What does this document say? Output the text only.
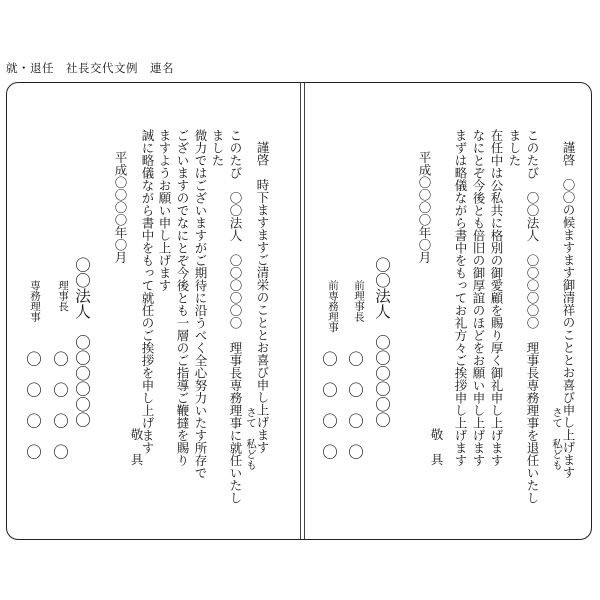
就・退任　社長交代文例　連名
謹啓　〇〇の候ますます御清祥のこととお喜び申し上げます
さて　私ども
このたび　〇〇法人　〇〇〇〇〇〇　理事長専務理事を退任いたし
ました
在任中は公私共に格別の御愛顧を賜り厚く御礼申し上げます
なにとぞ今後とも倍旧の御厚誼のほどをお願い申し上げます
まずは略儀ながら書中をもってお礼方々ご挨拶申し上げます
敬　具
平成〇〇〇〇年〇月
〇〇法人　〇〇〇〇〇〇
前理事長
前専務理事
〇　〇　〇　〇
〇　〇　〇　〇
謹啓　時下ますますご清栄のこととお喜び申し上げます
さて　私ども
このたび　〇〇法人　〇〇〇〇〇〇　理事長専務理事に就任いたし
ました
微力ではございますがご期待に沿うべく全心努力いたす所存で
ございますのでなにとぞ今後とも一層のご指導ご鞭撻を賜り
ますようお願い申し上げます
誠に略儀ながら書中をもって就任のご挨拶を申し上げます
敬　具
平成〇〇〇〇年〇月
〇〇法人　〇〇〇〇〇〇
理事長
専務理事
〇　〇　〇　〇
〇　〇　〇　〇
